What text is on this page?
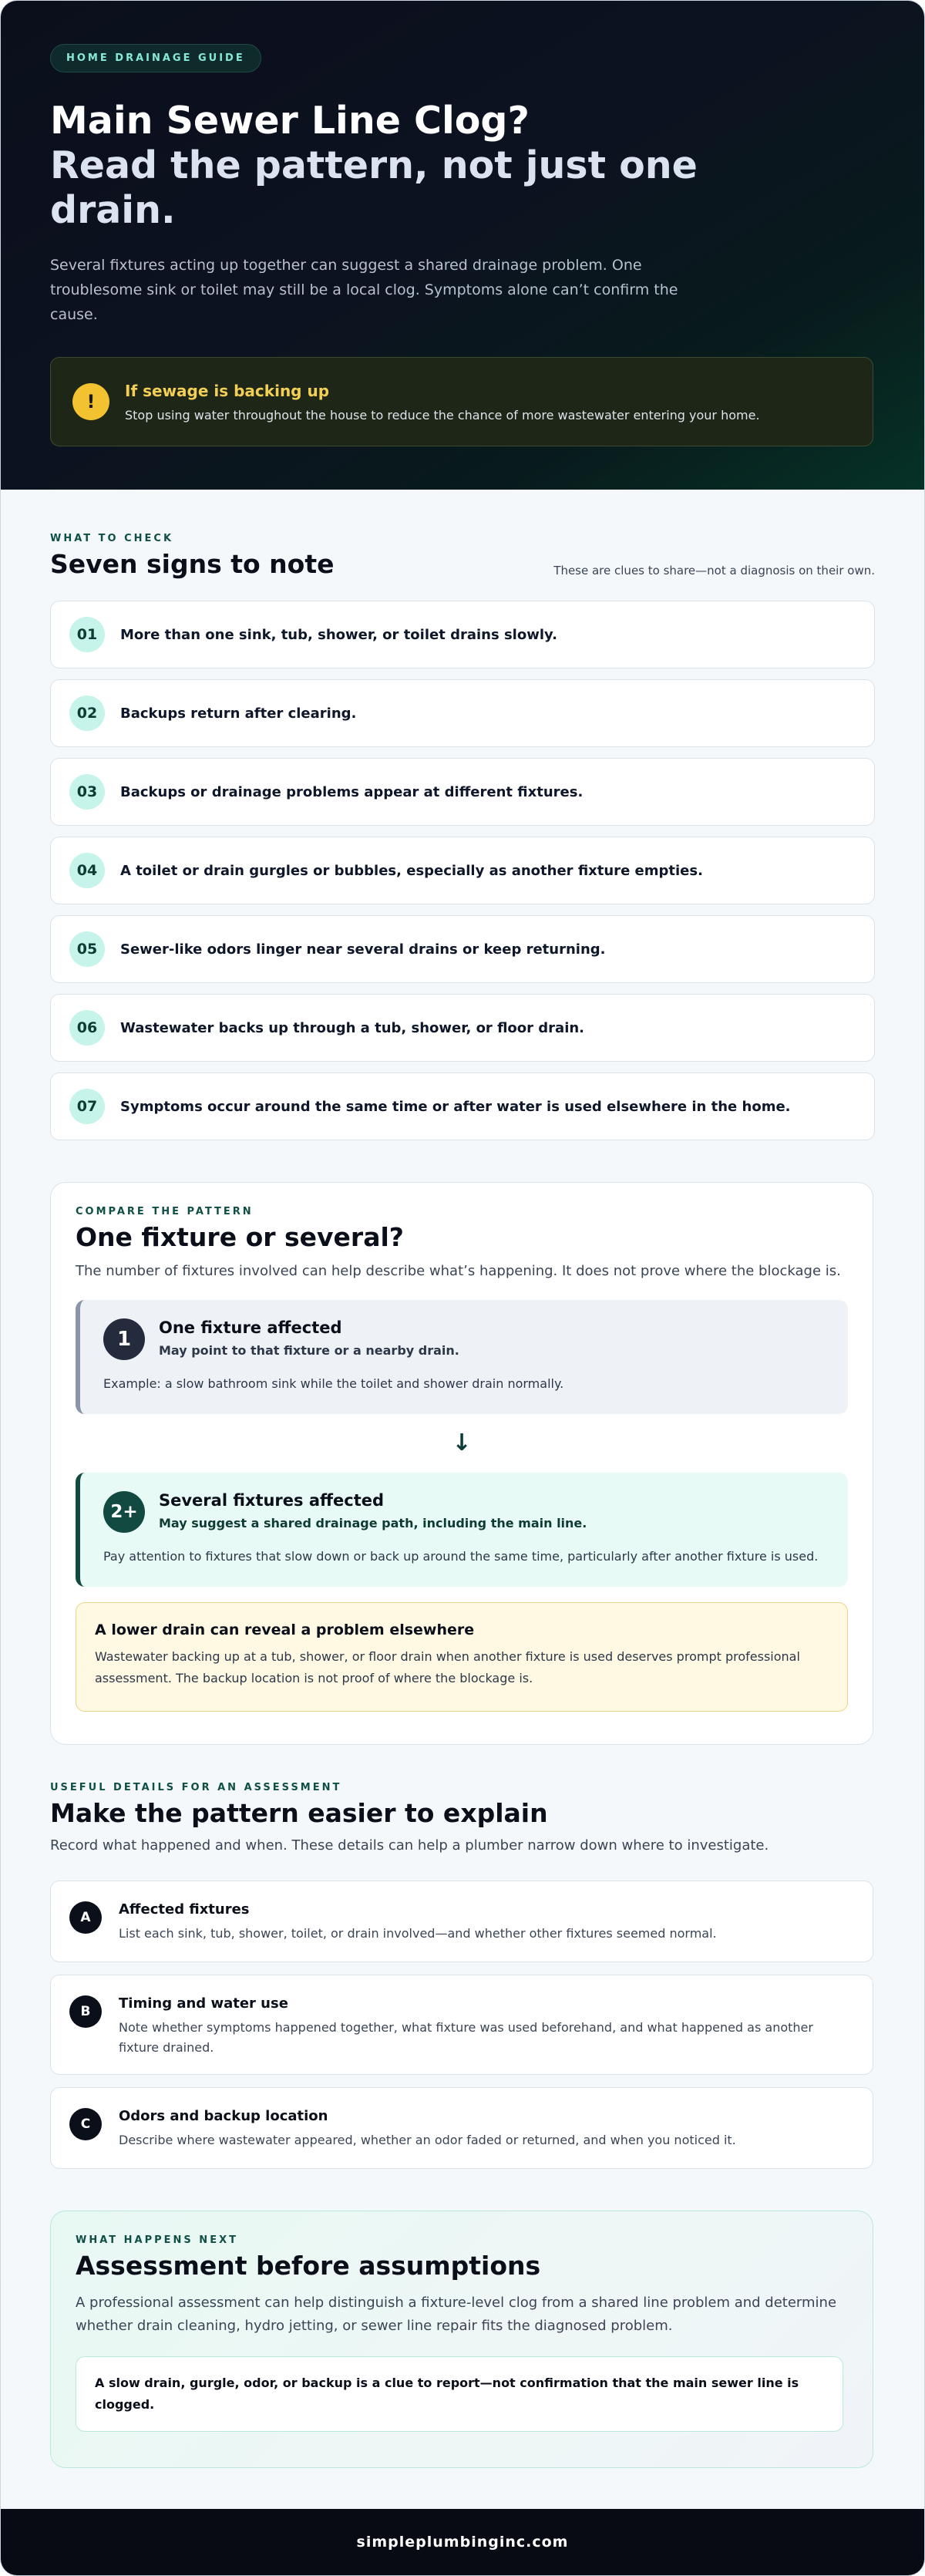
HOME DRAINAGE GUIDE
Main Sewer Line Clog?
Read the pattern, not just one drain.
Several fixtures acting up together can suggest a shared drainage problem. One troublesome sink or toilet may still be a local clog. Symptoms alone can’t confirm the cause.
!
If sewage is backing up
Stop using water throughout the house to reduce the chance of more wastewater entering your home.
WHAT TO CHECK
Seven signs to note	These are clues to share—not a diagnosis on their own.
01	More than one sink, tub, shower, or toilet drains slowly.
02	Backups return after clearing.
03	Backups or drainage problems appear at different fixtures.
04	A toilet or drain gurgles or bubbles, especially as another fixture empties.
05	Sewer-like odors linger near several drains or keep returning.
06	Wastewater backs up through a tub, shower, or floor drain.
07	Symptoms occur around the same time or after water is used elsewhere in the home.
COMPARE THE PATTERN
One fixture or several?
The number of fixtures involved can help describe what’s happening. It does not prove where the blockage is.
1	One fixture affected
May point to that fixture or a nearby drain.
Example: a slow bathroom sink while the toilet and shower drain normally.
↓
2+
Several fixtures affected
May suggest a shared drainage path, including the main line.
Pay attention to fixtures that slow down or back up around the same time, particularly after another fixture is used.
A lower drain can reveal a problem elsewhere
Wastewater backing up at a tub, shower, or floor drain when another fixture is used deserves prompt professional assessment. The backup location is not proof of where the blockage is.
USEFUL DETAILS FOR AN ASSESSMENT
Make the pattern easier to explain
Record what happened and when. These details can help a plumber narrow down where to investigate.
A	Affected fixtures
List each sink, tub, shower, toilet, or drain involved—and whether other fixtures seemed normal.
B	Timing and water use
Note whether symptoms happened together, what fixture was used beforehand, and what happened as another fixture drained.
C	Odors and backup location
Describe where wastewater appeared, whether an odor faded or returned, and when you noticed it.
WHAT HAPPENS NEXT
Assessment before assumptions
A professional assessment can help distinguish a fixture-level clog from a shared line problem and determine whether drain cleaning, hydro jetting, or sewer line repair fits the diagnosed problem.
A slow drain, gurgle, odor, or backup is a clue to report—not confirmation that the main sewer line is clogged.
simpleplumbinginc.com
